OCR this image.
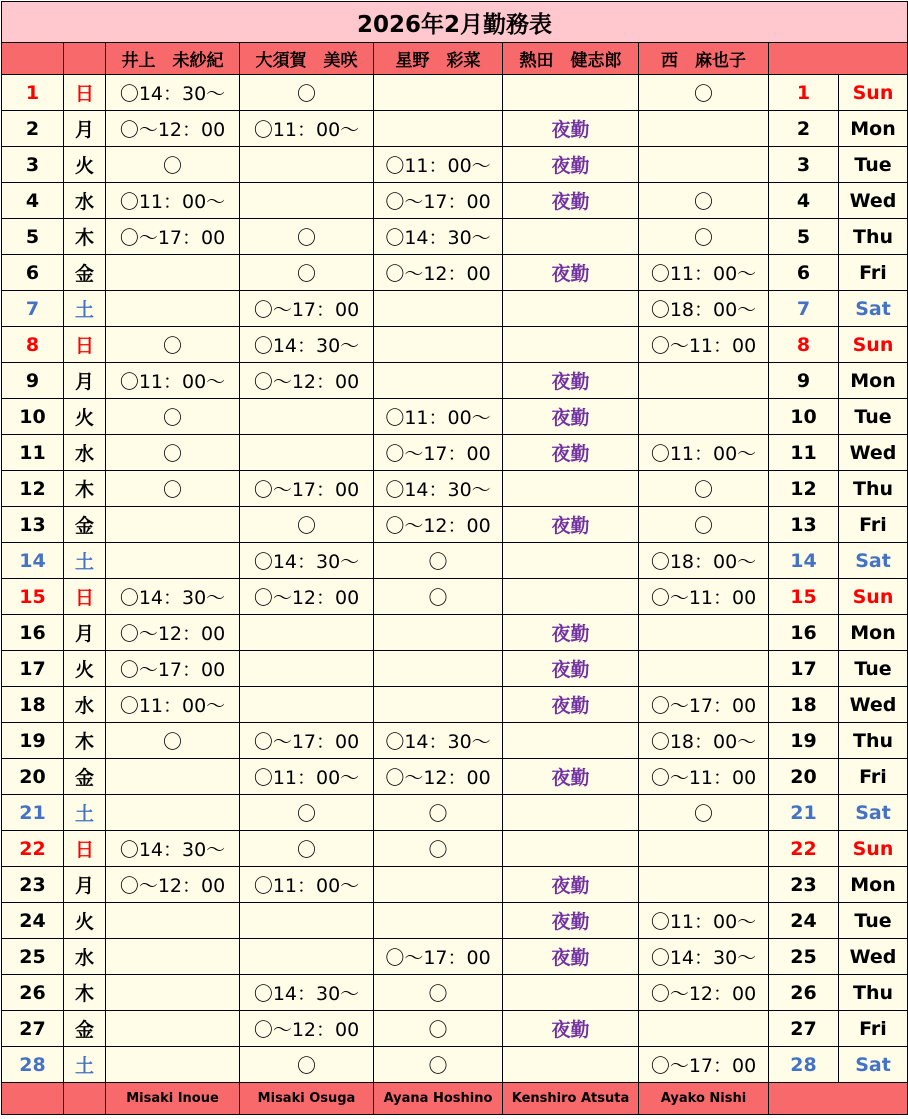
2026年2月勤務表								
		井上　未紗紀	大須賀　美咲	星野　彩菜	熱田　健志郎	西　麻也子		
1	日	〇14：30～	〇			〇	1	Sun
2	月	〇～12：00	〇11：00～		夜勤		2	Mon
3	火	〇		〇11：00～	夜勤		3	Tue
4	水	〇11：00～		〇～17：00	夜勤	〇	4	Wed
5	木	〇～17：00	〇	〇14：30～		〇	5	Thu
6	金		〇	〇～12：00	夜勤	〇11：00～	6	Fri
7	土		〇～17：00			〇18：00～	7	Sat
8	日	〇	〇14：30～			〇～11：00	8	Sun
9	月	〇11：00～	〇～12：00		夜勤		9	Mon
10	火	〇		〇11：00～	夜勤		10	Tue
11	水	〇		〇～17：00	夜勤	〇11：00～	11	Wed
12	木	〇	〇～17：00	〇14：30～		〇	12	Thu
13	金		〇	〇～12：00	夜勤	〇	13	Fri
14	土		〇14：30～	〇		〇18：00～	14	Sat
15	日	〇14：30～	〇～12：00	〇		〇～11：00	15	Sun
16	月	〇～12：00			夜勤		16	Mon
17	火	〇～17：00			夜勤		17	Tue
18	水	〇11：00～			夜勤	〇～17：00	18	Wed
19	木	〇	〇～17：00	〇14：30～		〇18：00～	19	Thu
20	金		〇11：00～	〇～12：00	夜勤	〇～11：00	20	Fri
21	土		〇	〇		〇	21	Sat
22	日	〇14：30～	〇	〇			22	Sun
23	月	〇～12：00	〇11：00～		夜勤		23	Mon
24	火				夜勤	〇11：00～	24	Tue
25	水			〇～17：00	夜勤	〇14：30～	25	Wed
26	木		〇14：30～	〇		〇～12：00	26	Thu
27	金		〇～12：00	〇	夜勤		27	Fri
28	土		〇	〇		〇～17：00	28	Sat
		Misaki Inoue	Misaki Osuga	Ayana Hoshino	Kenshiro Atsuta	Ayako Nishi		
